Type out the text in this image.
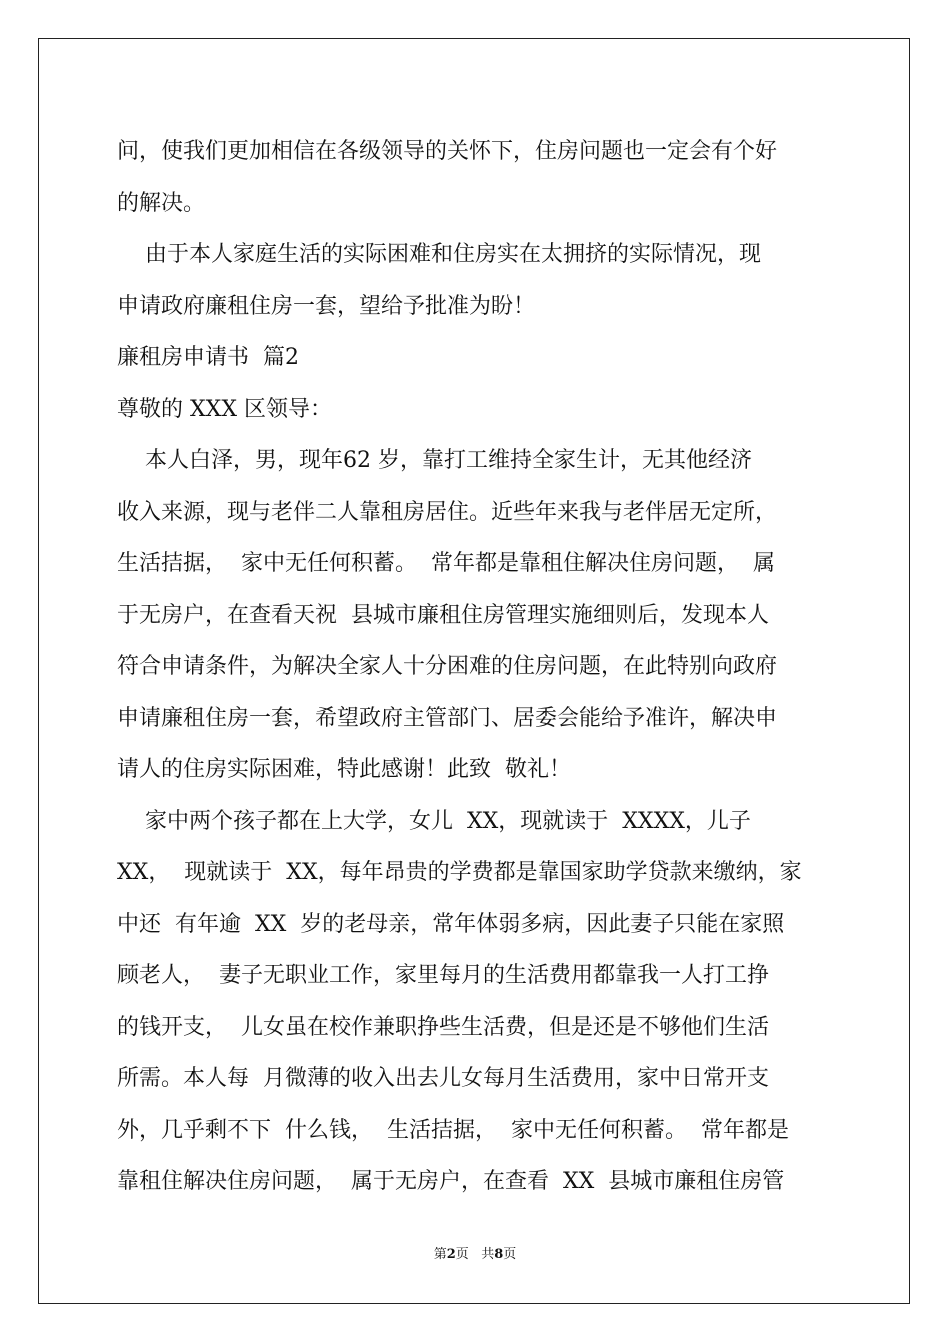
问，使我们更加相信在各级领导的关怀下，住房问题也一定会有个好
的解决。
由于本人家庭生活的实际困难和住房实在太拥挤的实际情况，现
申请政府廉租住房一套，望给予批准为盼！
廉租房申请书  篇2
尊敬的 XXX 区领导：
本人白泽，男，现年62 岁，靠打工维持全家生计，无其他经济
收入来源，现与老伴二人靠租房居住。近些年来我与老伴居无定所，
生活拮据，  家中无任何积蓄。  常年都是靠租住解决住房问题，  属
于无房户，在查看天祝  县城市廉租住房管理实施细则后，发现本人
符合申请条件，为解决全家人十分困难的住房问题，在此特别向政府
申请廉租住房一套，希望政府主管部门、居委会能给予准许，解决申
请人的住房实际困难，特此感谢！此致  敬礼！
家中两个孩子都在上大学，女儿  XX，现就读于  XXXX，儿子
XX，  现就读于  XX，每年昂贵的学费都是靠国家助学贷款来缴纳，家
中还  有年逾  XX  岁的老母亲，常年体弱多病，因此妻子只能在家照
顾老人，  妻子无职业工作，家里每月的生活费用都靠我一人打工挣
的钱开支，  儿女虽在校作兼职挣些生活费，但是还是不够他们生活
所需。本人每  月微薄的收入出去儿女每月生活费用，家中日常开支
外，几乎剩不下  什么钱，  生活拮据，  家中无任何积蓄。  常年都是
靠租住解决住房问题，  属于无房户，在查看  XX  县城市廉租住房管
第2页   共8页
